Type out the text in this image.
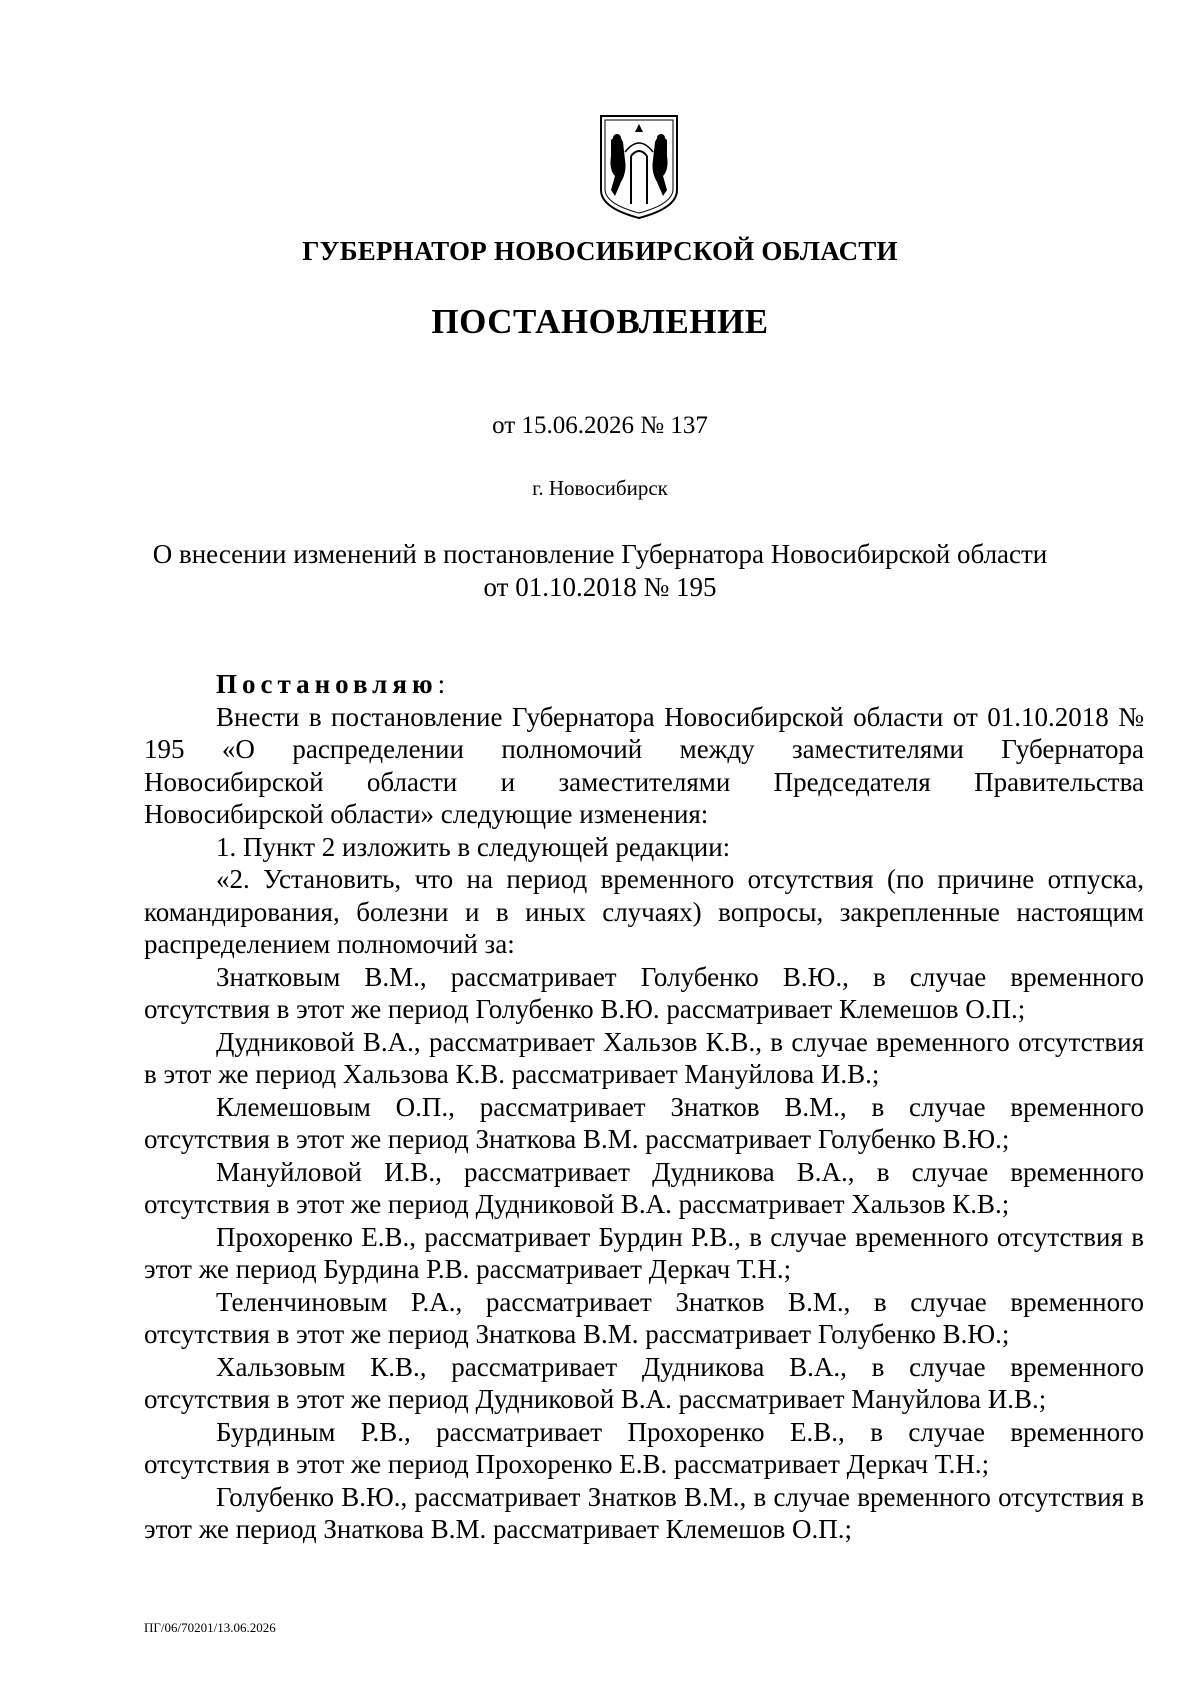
ГУБЕРНАТОР НОВОСИБИРСКОЙ ОБЛАСТИ
ПОСТАНОВЛЕНИЕ
от 15.06.2026 № 137
г. Новосибирск
О внесении изменений в постановление Губернатора Новосибирской области
от 01.10.2018 № 195

Постановляю:

Внести в постановление Губернатора Новосибирской области от 01.10.2018 № 195 «О распределении полномочий между заместителями Губернатора Новосибирской области и заместителями Председателя Правительства Новосибирской области» следующие изменения:

1. Пункт 2 изложить в следующей редакции:

«2. Установить, что на период временного отсутствия (по причине отпуска, командирования, болезни и в иных случаях) вопросы, закрепленные настоящим распределением полномочий за:

Знатковым В.М., рассматривает Голубенко В.Ю., в случае временного отсутствия в этот же период Голубенко В.Ю. рассматривает Клемешов О.П.;

Дудниковой В.А., рассматривает Хальзов К.В., в случае временного отсутствия в этот же период Хальзова К.В. рассматривает Мануйлова И.В.;

Клемешовым О.П., рассматривает Знатков В.М., в случае временного отсутствия в этот же период Знаткова В.М. рассматривает Голубенко В.Ю.;

Мануйловой И.В., рассматривает Дудникова В.А., в случае временного отсутствия в этот же период Дудниковой В.А. рассматривает Хальзов К.В.;

Прохоренко Е.В., рассматривает Бурдин Р.В., в случае временного отсутствия в этот же период Бурдина Р.В. рассматривает Деркач Т.Н.;

Теленчиновым Р.А., рассматривает Знатков В.М., в случае временного отсутствия в этот же период Знаткова В.М. рассматривает Голубенко В.Ю.;

Хальзовым К.В., рассматривает Дудникова В.А., в случае временного отсутствия в этот же период Дудниковой В.А. рассматривает Мануйлова И.В.;

Бурдиным Р.В., рассматривает Прохоренко Е.В., в случае временного отсутствия в этот же период Прохоренко Е.В. рассматривает Деркач Т.Н.;

Голубенко В.Ю., рассматривает Знатков В.М., в случае временного отсутствия в этот же период Знаткова В.М. рассматривает Клемешов О.П.;

ПГ/06/70201/13.06.2026
